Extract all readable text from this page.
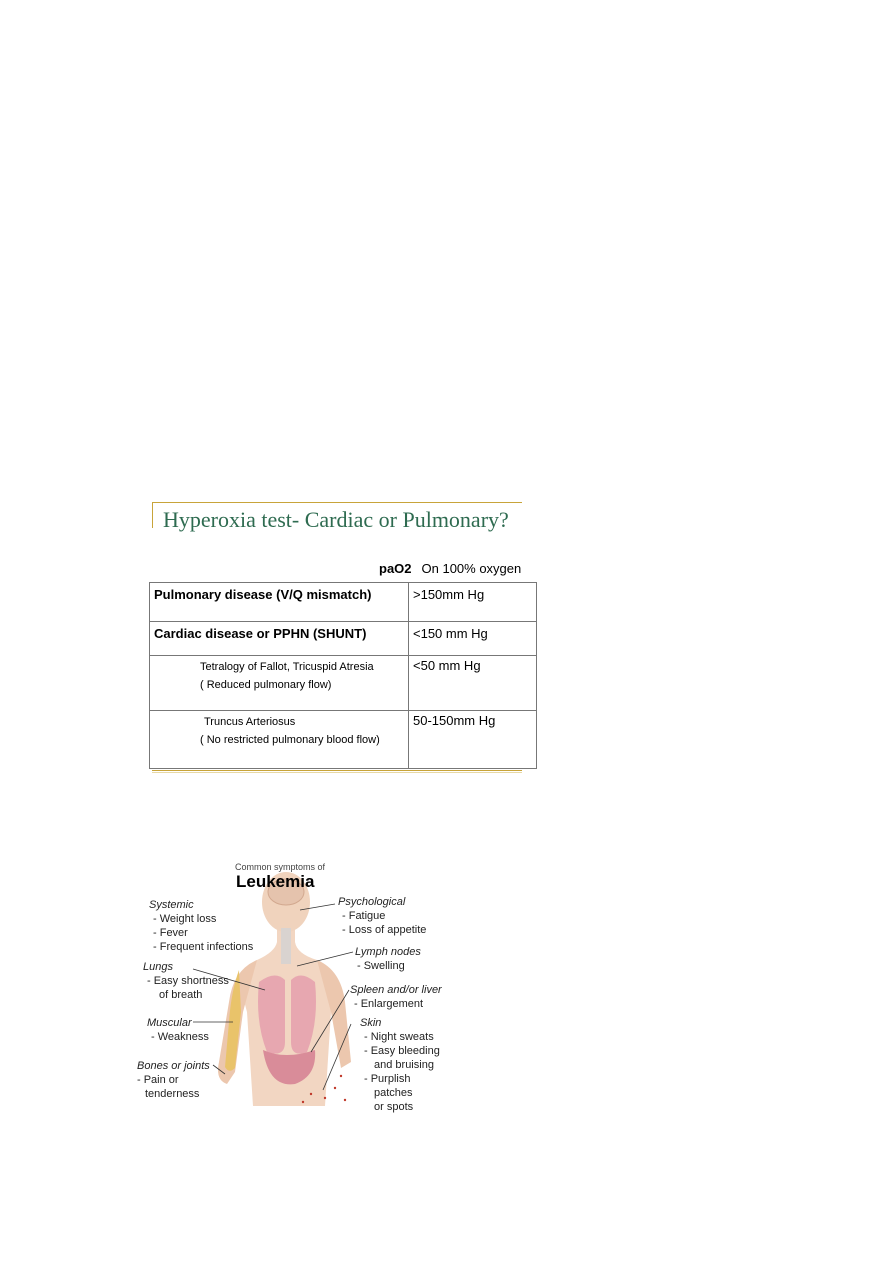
Hyperoxia test- Cardiac or Pulmonary?
paO2 On 100% oxygen
Pulmonary disease (V/Q mismatch)	>150mm Hg
Cardiac disease or PPHN (SHUNT)	<150 mm Hg

Tetralogy of Fallot, Tricuspid Atresia
( Reduced pulmonary flow)	<50 mm Hg

Truncus Arteriosus
( No restricted pulmonary blood flow)	50-150mm Hg
Common symptoms of
Leukemia
Systemic
- Weight loss
- Fever
- Frequent infections
Lungs
- Easy shortness
of breath
Muscular
- Weakness
Bones or joints
- Pain or
tenderness
Psychological
- Fatigue
- Loss of appetite
Lymph nodes
- Swelling
Spleen and/or liver
- Enlargement
Skin
- Night sweats
- Easy bleeding
and bruising
- Purplish
patches
or spots
